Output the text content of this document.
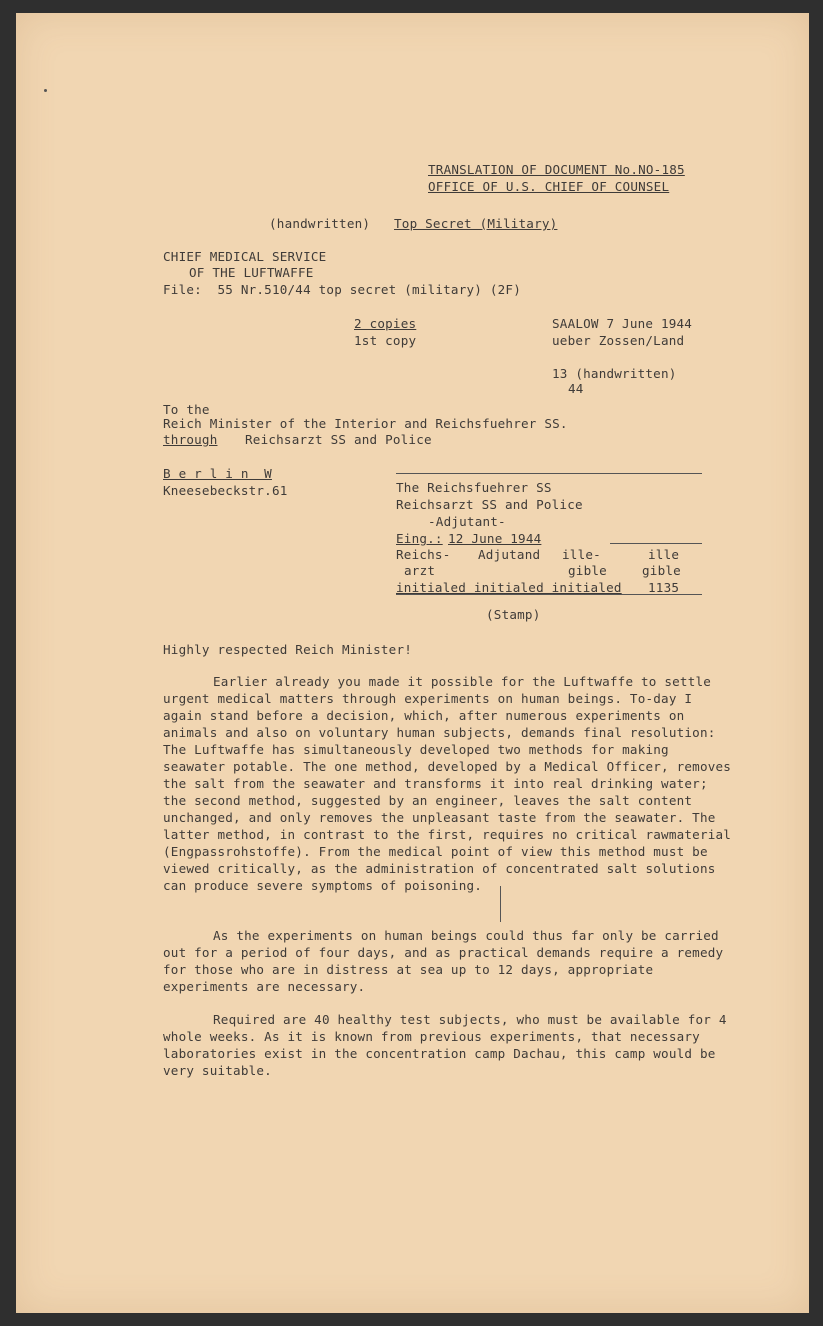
TRANSLATION OF DOCUMENT No.NO-185
OFFICE OF U.S. CHIEF OF COUNSEL
(handwritten) Top Secret (Military)
CHIEF MEDICAL SERVICE
OF THE LUFTWAFFE
File:  55 Nr.510/44 top secret (military) (2F)
2 copies
1st copy
SAALOW 7 June 1944
ueber Zossen/Land
13 (handwritten)
44
To the
Reich Minister of the Interior and Reichsfuehrer SS.
through Reichsarzt SS and Police
B e r l i n  W
Kneesebeckstr.61	The Reichsfuehrer SS
Reichsarzt SS and Police
-Adjutant-
Eing.: 12 June 1944
Reichs-
arzt
Adjutand ille-
gible
ille
gible
initialed initialed initialed 1135
(Stamp)
Highly respected Reich Minister!

Earlier already you made it possible for the Luftwaffe to settle urgent medical matters through experiments on human beings. To-day I again stand before a decision, which, after numerous experiments on animals and also on voluntary human subjects, demands final resolution: The Luftwaffe has simultaneously developed two methods for making seawater potable. The one method, developed by a Medical Officer, removes the salt from the seawater and transforms it into real drinking water; the second method, suggested by an engineer, leaves the salt content unchanged, and only removes the unpleasant taste from the seawater. The latter method, in contrast to the first, requires no critical rawmaterial (Engpassrohstoffe). From the medical point of view this method must be viewed critically, as the administration of concentrated salt solutions can produce severe symptoms of poisoning.

As the experiments on human beings could thus far only be carried out for a period of four days, and as practical demands require a remedy for those who are in distress at sea up to 12 days, appropriate experiments are necessary.

Required are 40 healthy test subjects, who must be available for 4 whole weeks. As it is known from previous experiments, that necessary laboratories exist in the concentration camp Dachau, this camp would be very suitable.
